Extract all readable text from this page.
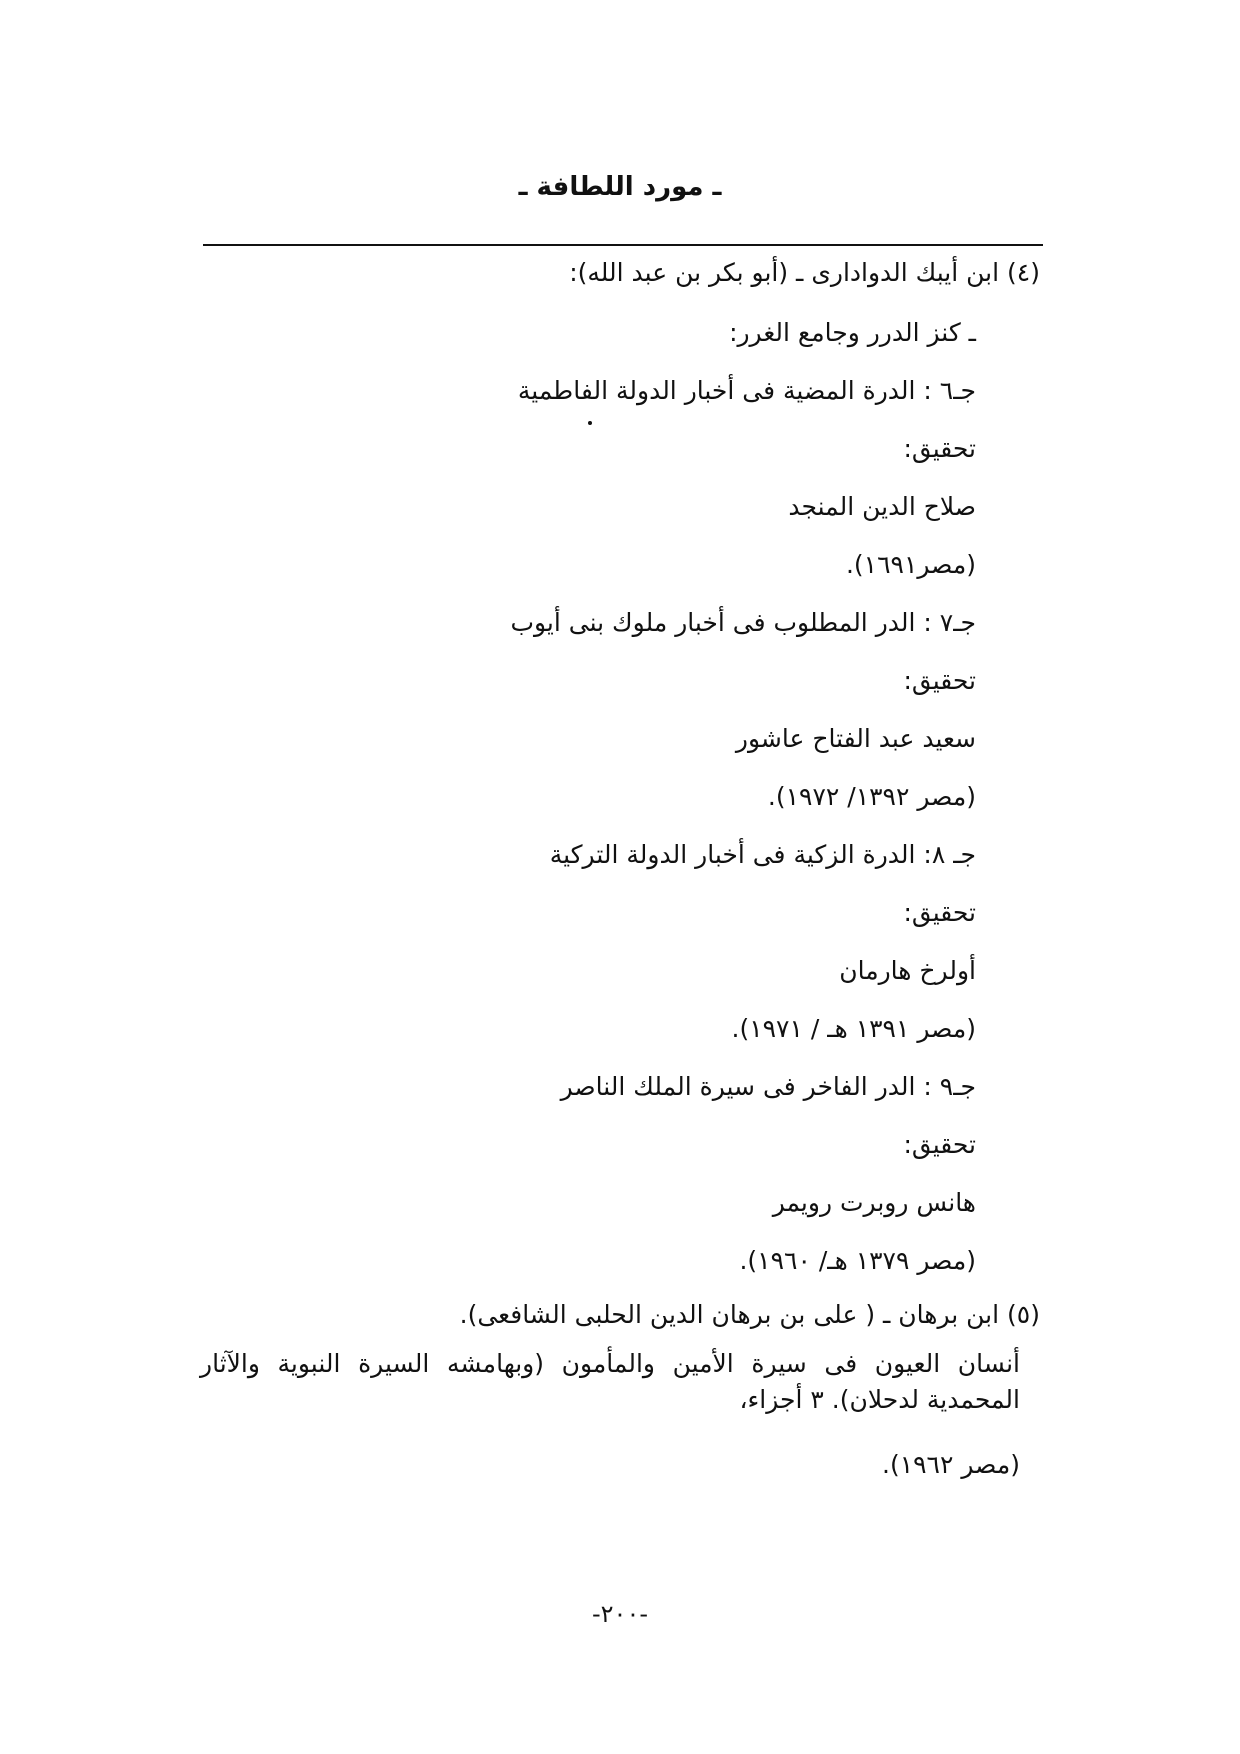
ـ مورد اللطافة ـ
(٤) ابن أيبك الدوادارى ـ (أبو بكر بن عبد الله):
ـ كنز الدرر وجامع الغرر:
جـ٦ : الدرة المضية فى أخبار الدولة الفاطمية
تحقيق:
صلاح الدين المنجد
(مصر١٦٩١).
جـ٧ : الدر المطلوب فى أخبار ملوك بنى أيوب
تحقيق:
سعيد عبد الفتاح عاشور
(مصر ١٣٩٢/ ١٩٧٢).
جـ ٨: الدرة الزكية فى أخبار الدولة التركية
تحقيق:
أولرخ هارمان
(مصر ١٣٩١ هـ / ١٩٧١).
جـ٩ : الدر الفاخر فى سيرة الملك الناصر
تحقيق:
هانس روبرت رويمر
(مصر ١٣٧٩ هـ/ ١٩٦٠).
(٥) ابن برهان ـ ( على بن برهان الدين الحلبى الشافعى).
أنسان العيون فى سيرة الأمين والمأمون (وبهامشه السيرة النبوية والآثار المحمدية لدحلان). ٣ أجزاء،
(مصر ١٩٦٢).
-٢٠٠-
